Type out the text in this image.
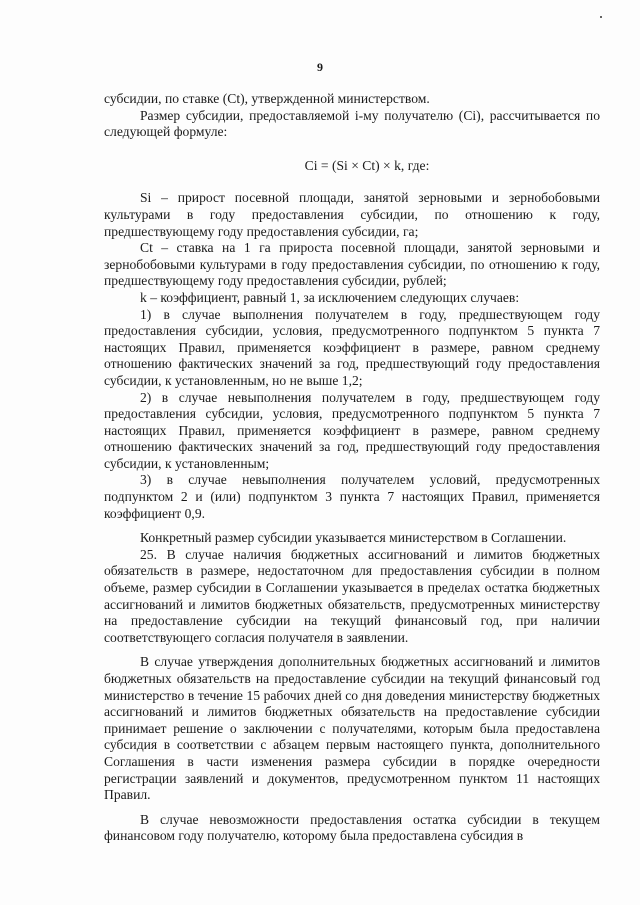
9

субсидии, по ставке (Ct), утвержденной министерством.

Размер субсидии, предоставляемой i-му получателю (Ci), рассчитывается по следующей формуле:

Ci = (Si × Ct) × k, где:

Si – прирост посевной площади, занятой зерновыми и зернобобовыми культурами в году предоставления субсидии, по отношению к году, предшествующему году предоставления субсидии, га;

Ct – ставка на 1 га прироста посевной площади, занятой зерновыми и зернобобовыми культурами в году предоставления субсидии, по отношению к году, предшествующему году предоставления субсидии, рублей;

k – коэффициент, равный 1, за исключением следующих случаев:

1) в случае выполнения получателем в году, предшествующем году предоставления субсидии, условия, предусмотренного подпунктом 5 пункта 7 настоящих Правил, применяется коэффициент в размере, равном среднему отношению фактических значений за год, предшествующий году предоставления субсидии, к установленным, но не выше 1,2;

2) в случае невыполнения получателем в году, предшествующем году предоставления субсидии, условия, предусмотренного подпунктом 5 пункта 7 настоящих Правил, применяется коэффициент в размере, равном среднему отношению фактических значений за год, предшествующий году предоставления субсидии, к установленным;

3) в случае невыполнения получателем условий, предусмотренных подпунктом 2 и (или) подпунктом 3 пункта 7 настоящих Правил, применяется коэффициент 0,9.

Конкретный размер субсидии указывается министерством в Соглашении.

25. В случае наличия бюджетных ассигнований и лимитов бюджетных обязательств в размере, недостаточном для предоставления субсидии в полном объеме, размер субсидии в Соглашении указывается в пределах остатка бюджетных ассигнований и лимитов бюджетных обязательств, предусмотренных министерству на предоставление субсидии на текущий финансовый год, при наличии соответствующего согласия получателя в заявлении.

В случае утверждения дополнительных бюджетных ассигнований и лимитов бюджетных обязательств на предоставление субсидии на текущий финансовый год министерство в течение 15 рабочих дней со дня доведения министерству бюджетных ассигнований и лимитов бюджетных обязательств на предоставление субсидии принимает решение о заключении с получателями, которым была предоставлена субсидия в соответствии с абзацем первым настоящего пункта, дополнительного Соглашения в части изменения размера субсидии в порядке очередности регистрации заявлений и документов, предусмотренном пунктом 11 настоящих Правил.

В случае невозможности предоставления остатка субсидии в текущем финансовом году получателю, которому была предоставлена субсидия в
